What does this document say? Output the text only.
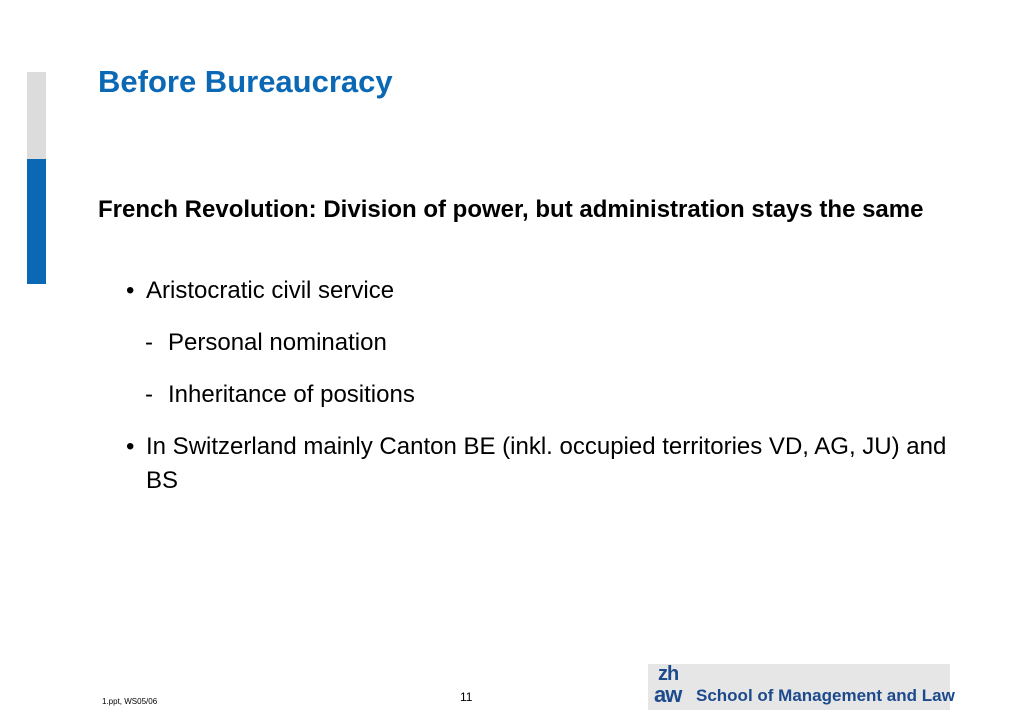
Before Bureaucracy

French Revolution: Division of power, but administration stays the same

• Aristocratic civil service
- Personal nomination
- Inheritance of positions
• In Switzerland mainly Canton BE (inkl. occupied territories VD, AG, JU) and BS
1.ppt, WS05/06	11
zh
aw School of Management and Law
